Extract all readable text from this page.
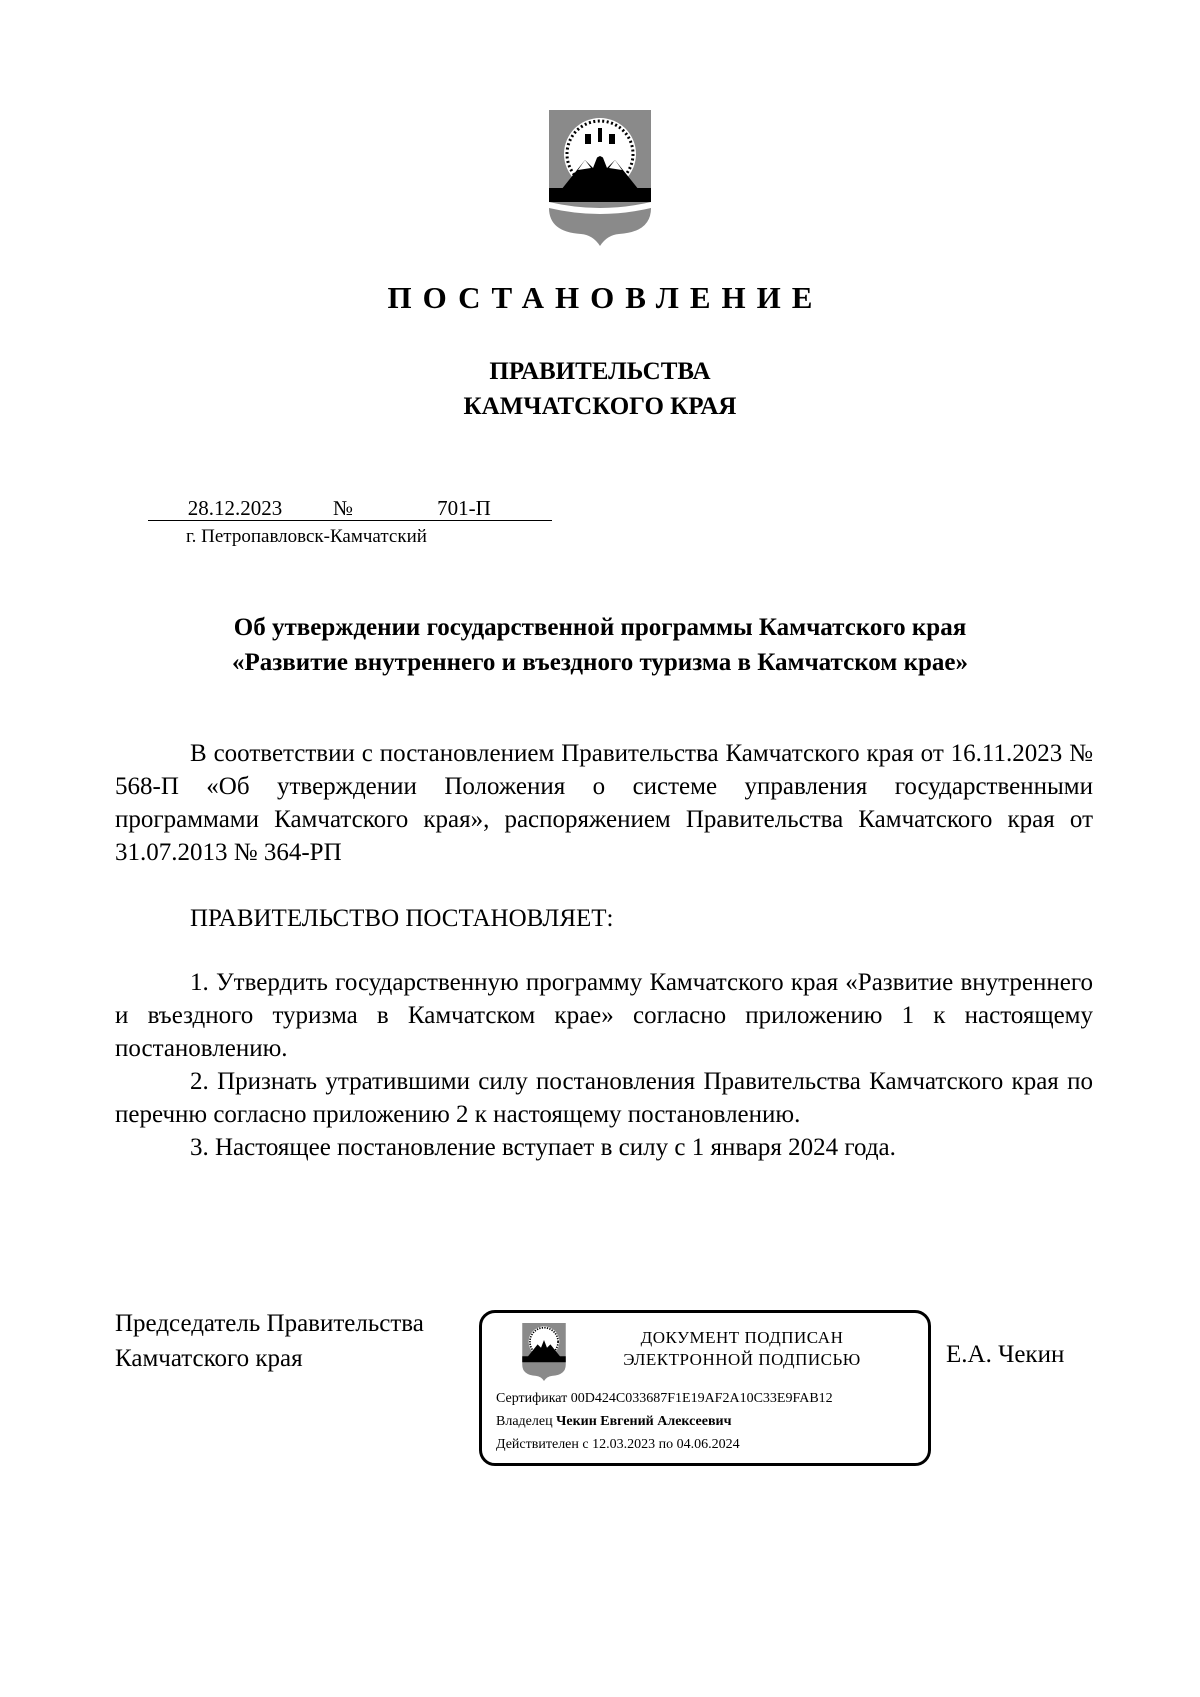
ПОСТАНОВЛЕНИЕ
ПРАВИТЕЛЬСТВА
КАМЧАТСКОГО КРАЯ
28.12.2023	№	701-П
г. Петропавловск-Камчатский
Об утверждении государственной программы Камчатского края
«Развитие внутреннего и въездного туризма в Камчатском крае»

В соответствии с постановлением Правительства Камчатского края от 16.11.2023 № 568-П «Об утверждении Положения о системе управления государственными программами Камчатского края», распоряжением Правительства Камчатского края от 31.07.2013 № 364-РП

ПРАВИТЕЛЬСТВО ПОСТАНОВЛЯЕТ:

1. Утвердить государственную программу Камчатского края «Развитие внутреннего и въездного туризма в Камчатском крае» согласно приложению 1 к настоящему постановлению.

2. Признать утратившими силу постановления Правительства Камчатского края по перечню согласно приложению 2 к настоящему постановлению.

3. Настоящее постановление вступает в силу с 1 января 2024 года.

Председатель Правительства
Камчатского края
ДОКУМЕНТ ПОДПИСАН
ЭЛЕКТРОННОЙ ПОДПИСЬЮ
Сертификат 00D424C033687F1E19AF2A10C33E9FAB12
Владелец Чекин Евгений Алексеевич
Действителен с 12.03.2023 по 04.06.2024
Е.А. Чекин
